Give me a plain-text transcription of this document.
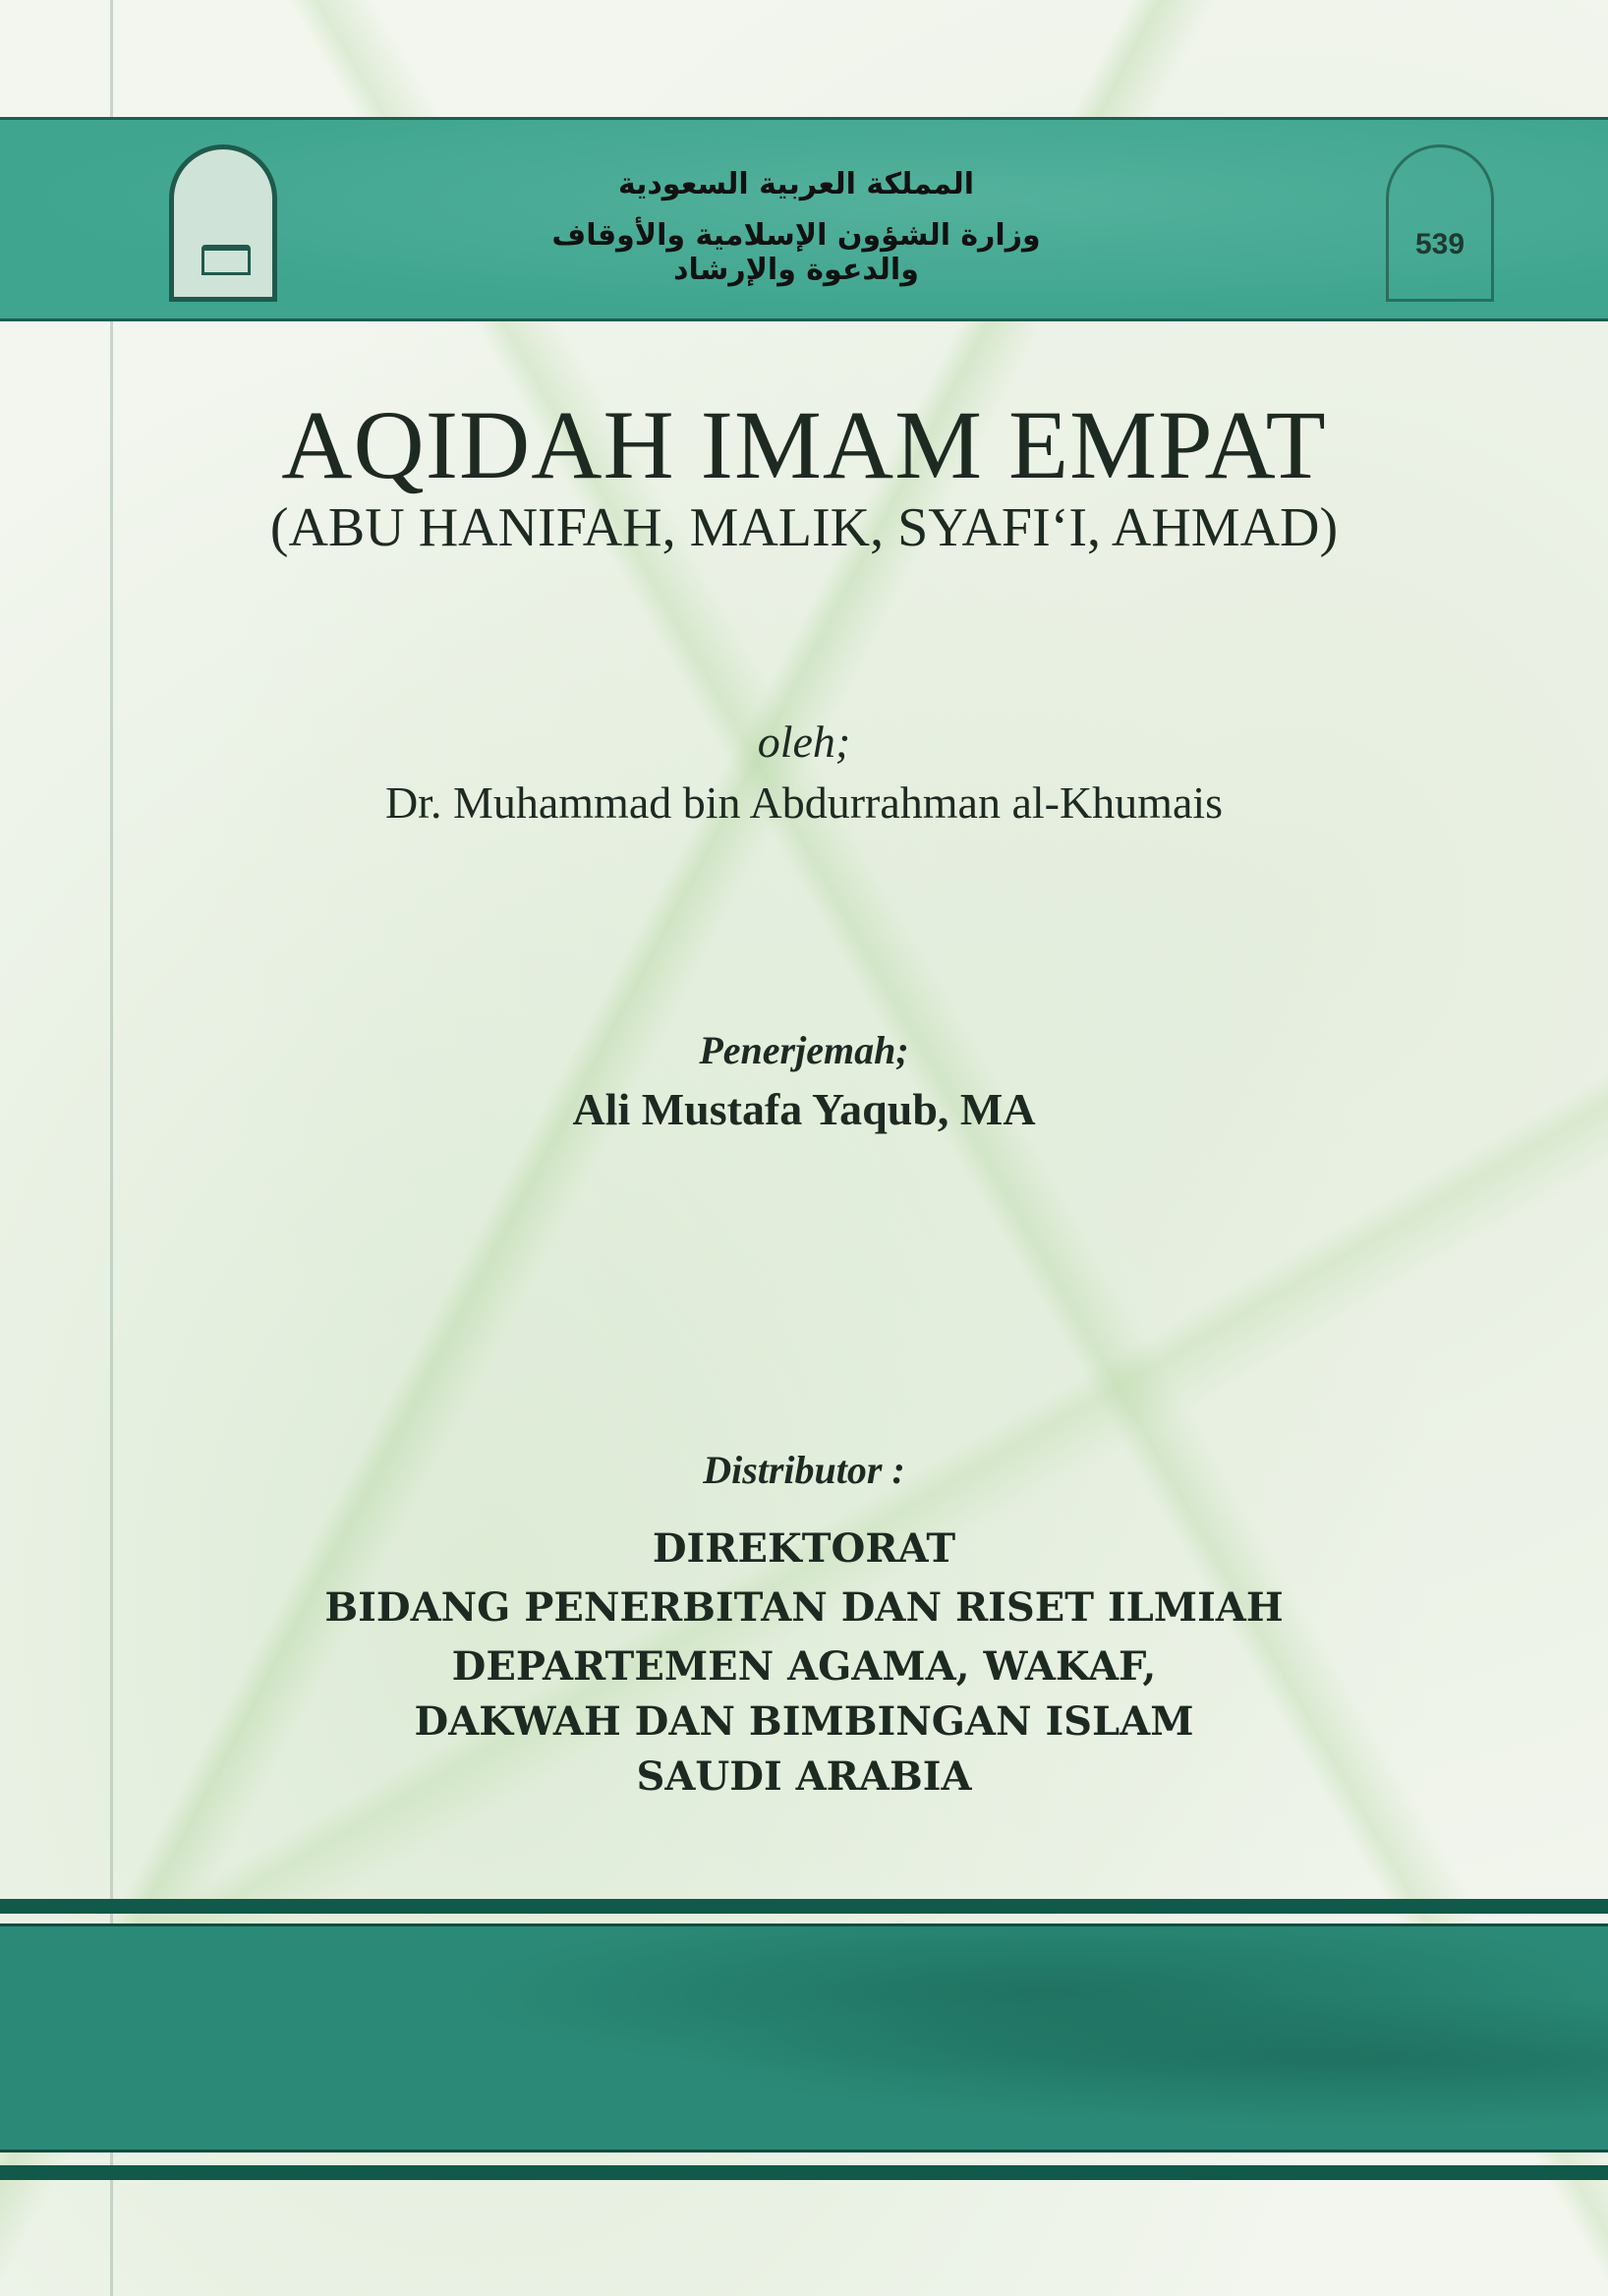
المملكة العربية السعودية
وزارة الشؤون الإسلامية والأوقاف والدعوة والإرشاد
539
AQIDAH IMAM EMPAT
(ABU HANIFAH, MALIK, SYAFI‘I, AHMAD)
oleh;
Dr. Muhammad bin Abdurrahman al-Khumais
Penerjemah;
Ali Mustafa Yaqub, MA
Distributor :
DIREKTORAT
BIDANG PENERBITAN DAN RISET ILMIAH
DEPARTEMEN AGAMA, WAKAF,
DAKWAH DAN BIMBINGAN ISLAM
SAUDI ARABIA
